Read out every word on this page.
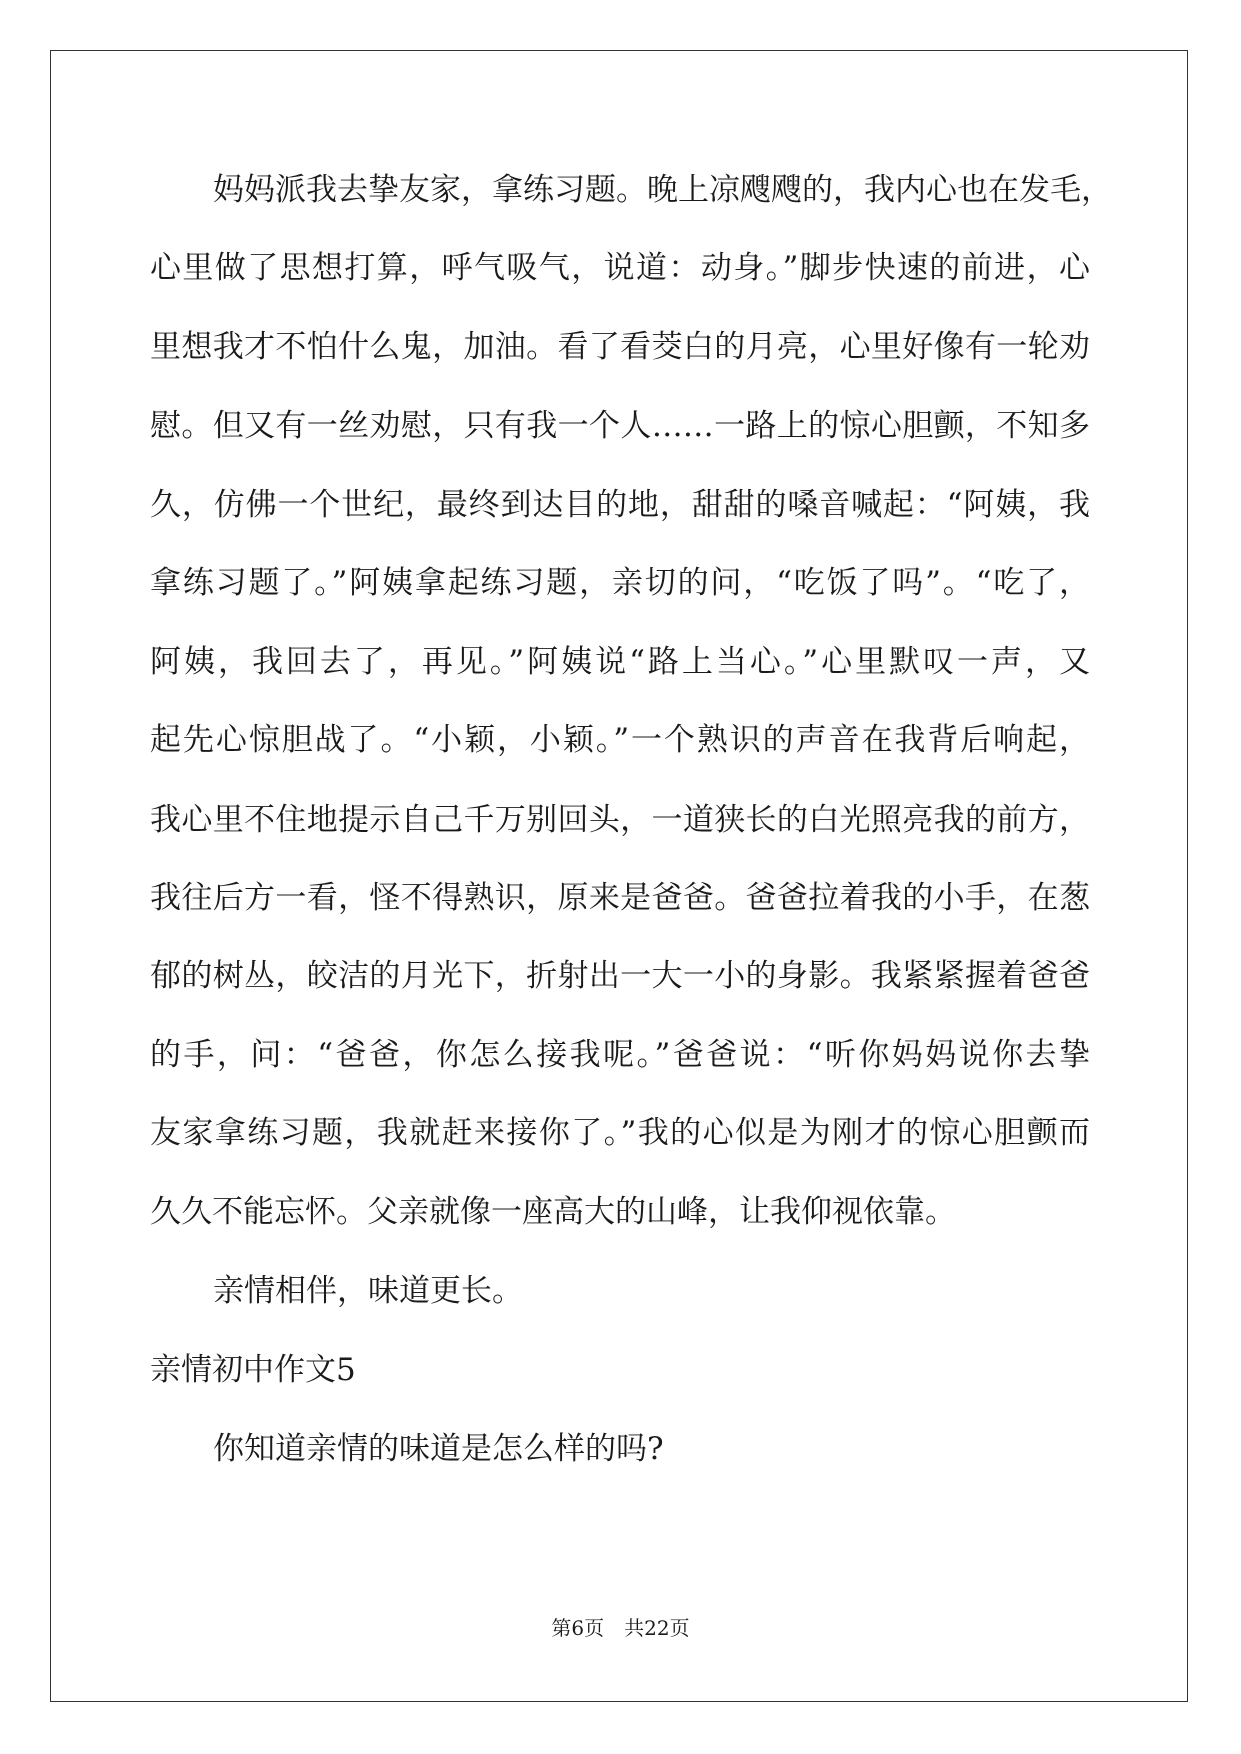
妈妈派我去挚友家，拿练习题。晚上凉飕飕的，我内心也在发毛，
心里做了思想打算，呼气吸气，说道：动身。”脚步快速的前进，心
里想我才不怕什么鬼，加油。看了看茭白的月亮，心里好像有一轮劝
慰。但又有一丝劝慰，只有我一个人……一路上的惊心胆颤，不知多
久，仿佛一个世纪，最终到达目的地，甜甜的嗓音喊起：“阿姨，我
拿练习题了。”阿姨拿起练习题，亲切的问，“吃饭了吗”。“吃了，
阿姨，我回去了，再见。”阿姨说“路上当心。”心里默叹一声，又
起先心惊胆战了。“小颖，小颖。”一个熟识的声音在我背后响起，
我心里不住地提示自己千万别回头，一道狭长的白光照亮我的前方，
我往后方一看，怪不得熟识，原来是爸爸。爸爸拉着我的小手，在葱
郁的树丛，皎洁的月光下，折射出一大一小的身影。我紧紧握着爸爸
的手，问：“爸爸，你怎么接我呢。”爸爸说：“听你妈妈说你去挚
友家拿练习题，我就赶来接你了。”我的心似是为刚才的惊心胆颤而
久久不能忘怀。父亲就像一座高大的山峰，让我仰视依靠。
亲情相伴，味道更长。
亲情初中作文5
你知道亲情的味道是怎么样的吗?
第6页 共22页
